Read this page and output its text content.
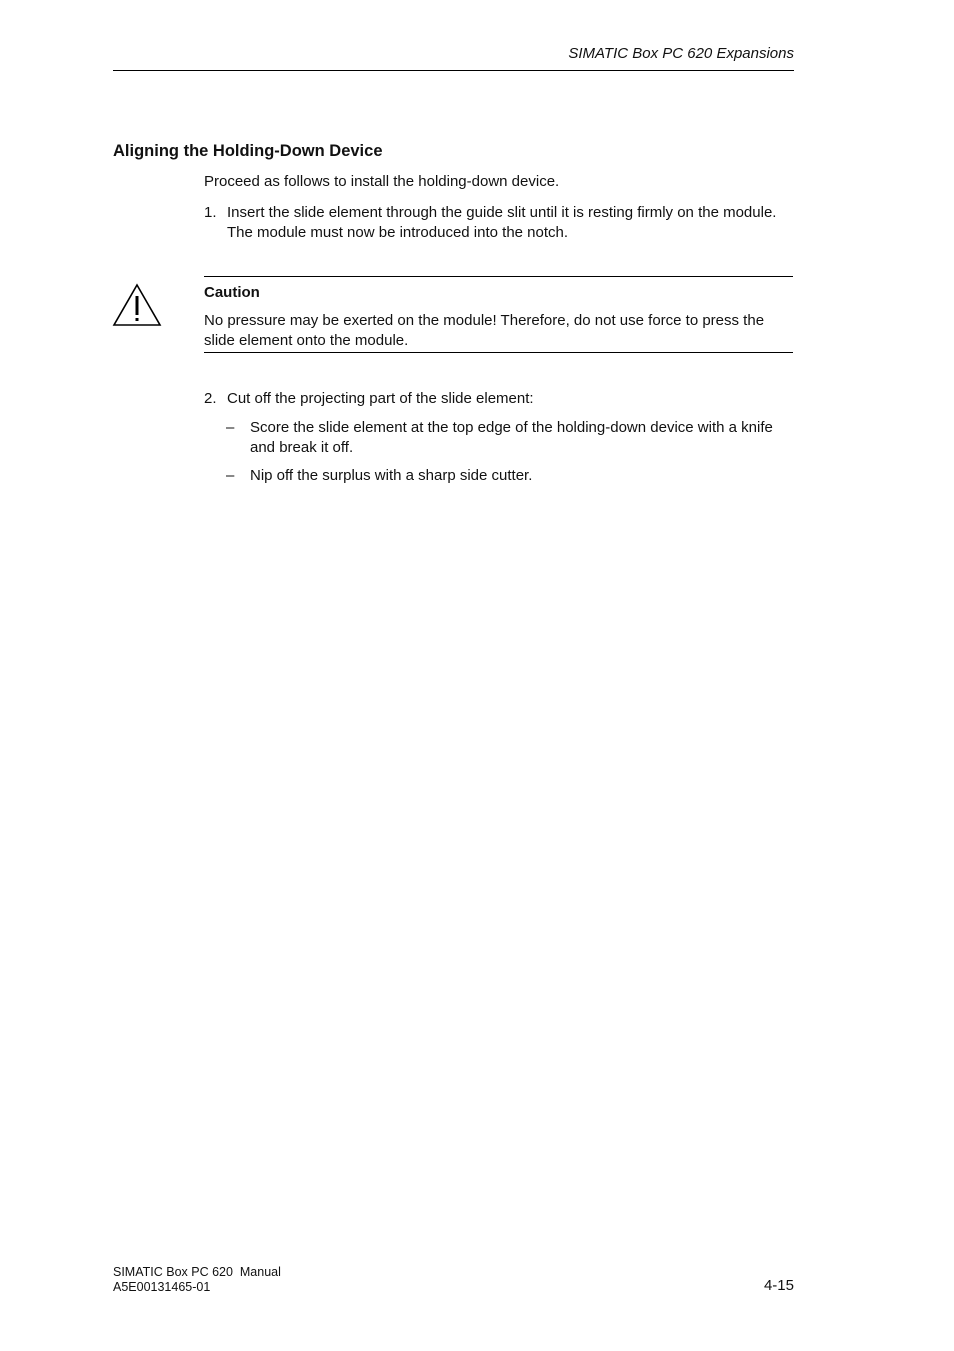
SIMATIC Box PC 620 Expansions
Aligning the Holding-Down Device
Proceed as follows to install the holding-down device.
1. Insert the slide element through the guide slit until it is resting firmly on the module. The module must now be introduced into the notch.
Caution
No pressure may be exerted on the module! Therefore, do not use force to press the slide element onto the module.
2. Cut off the projecting part of the slide element:
–	Score the slide element at the top edge of the holding-down device with a knife and break it off.
–	Nip off the surplus with a sharp side cutter.
SIMATIC Box PC 620  Manual
A5E00131465-01	4-15
